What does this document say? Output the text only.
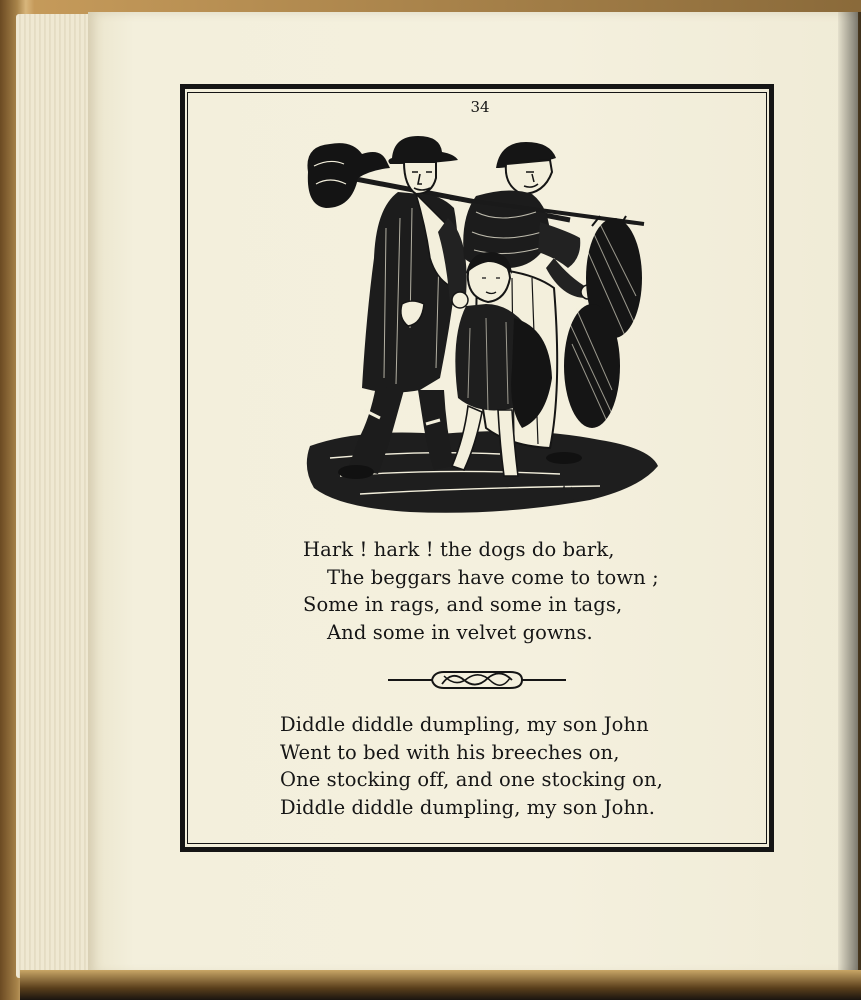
34
Hark ! hark ! the dogs do bark,
The beggars have come to town ;
Some in rags, and some in tags,
And some in velvet gowns.
Diddle diddle dumpling, my son John
Went to bed with his breeches on,
One stocking off, and one stocking on,
Diddle diddle dumpling, my son John.
